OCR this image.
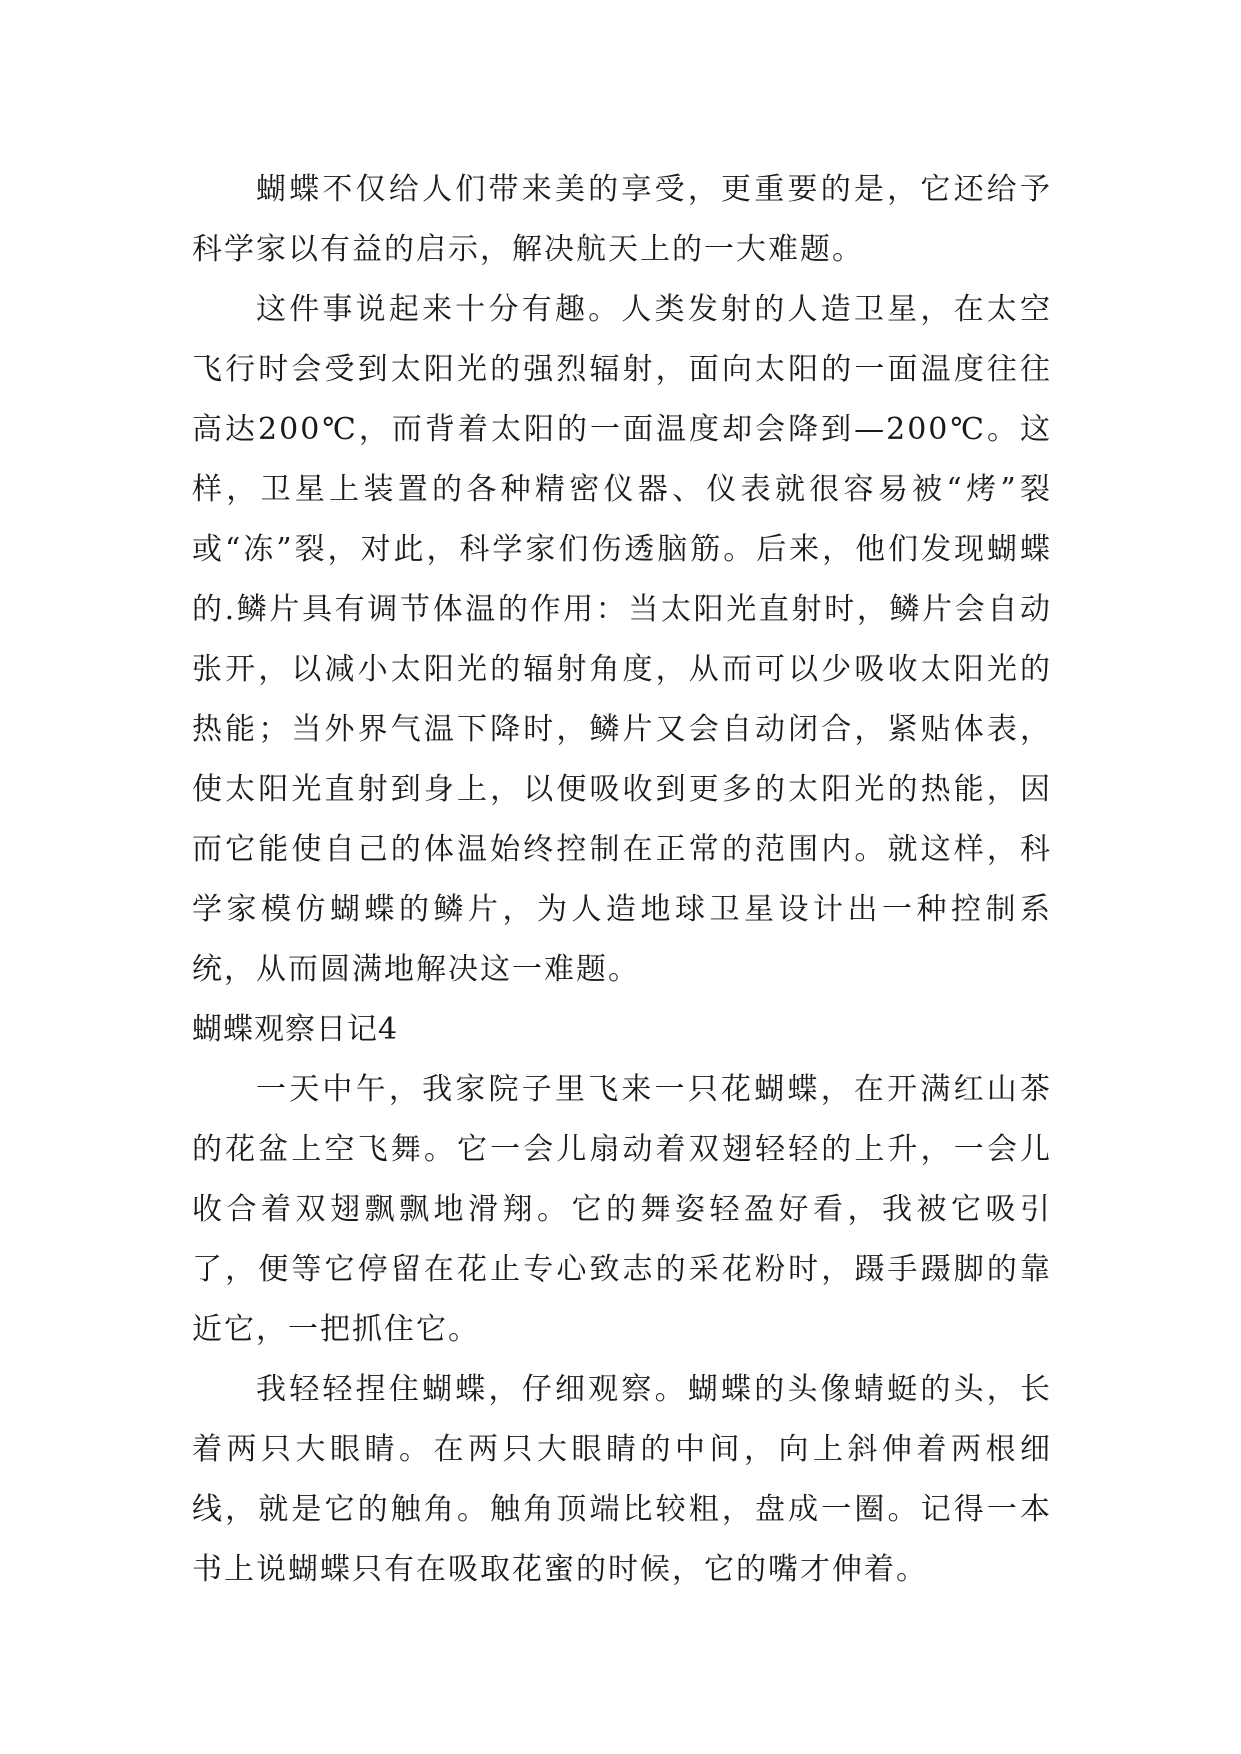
蝴蝶不仅给人们带来美的享受，更重要的是，它还给予科学家以有益的启示，解决航天上的一大难题。

这件事说起来十分有趣。人类发射的人造卫星，在太空飞行时会受到太阳光的强烈辐射，面向太阳的一面温度往往高达200℃，而背着太阳的一面温度却会降到—200℃。这样，卫星上装置的各种精密仪器、仪表就很容易被“烤”裂或“冻”裂，对此，科学家们伤透脑筋。后来，他们发现蝴蝶的.鳞片具有调节体温的作用：当太阳光直射时，鳞片会自动张开，以减小太阳光的辐射角度，从而可以少吸收太阳光的热能；当外界气温下降时，鳞片又会自动闭合，紧贴体表，使太阳光直射到身上，以便吸收到更多的太阳光的热能，因而它能使自己的体温始终控制在正常的范围内。就这样，科学家模仿蝴蝶的鳞片，为人造地球卫星设计出一种控制系统，从而圆满地解决这一难题。

蝴蝶观察日记4

一天中午，我家院子里飞来一只花蝴蝶，在开满红山茶的花盆上空飞舞。它一会儿扇动着双翅轻轻的上升，一会儿收合着双翅飘飘地滑翔。它的舞姿轻盈好看，我被它吸引了，便等它停留在花止专心致志的采花粉时，蹑手蹑脚的靠近它，一把抓住它。

我轻轻捏住蝴蝶，仔细观察。蝴蝶的头像蜻蜓的头，长着两只大眼睛。在两只大眼睛的中间，向上斜伸着两根细线，就是它的触角。触角顶端比较粗，盘成一圈。记得一本书上说蝴蝶只有在吸取花蜜的时候，它的嘴才伸着。
